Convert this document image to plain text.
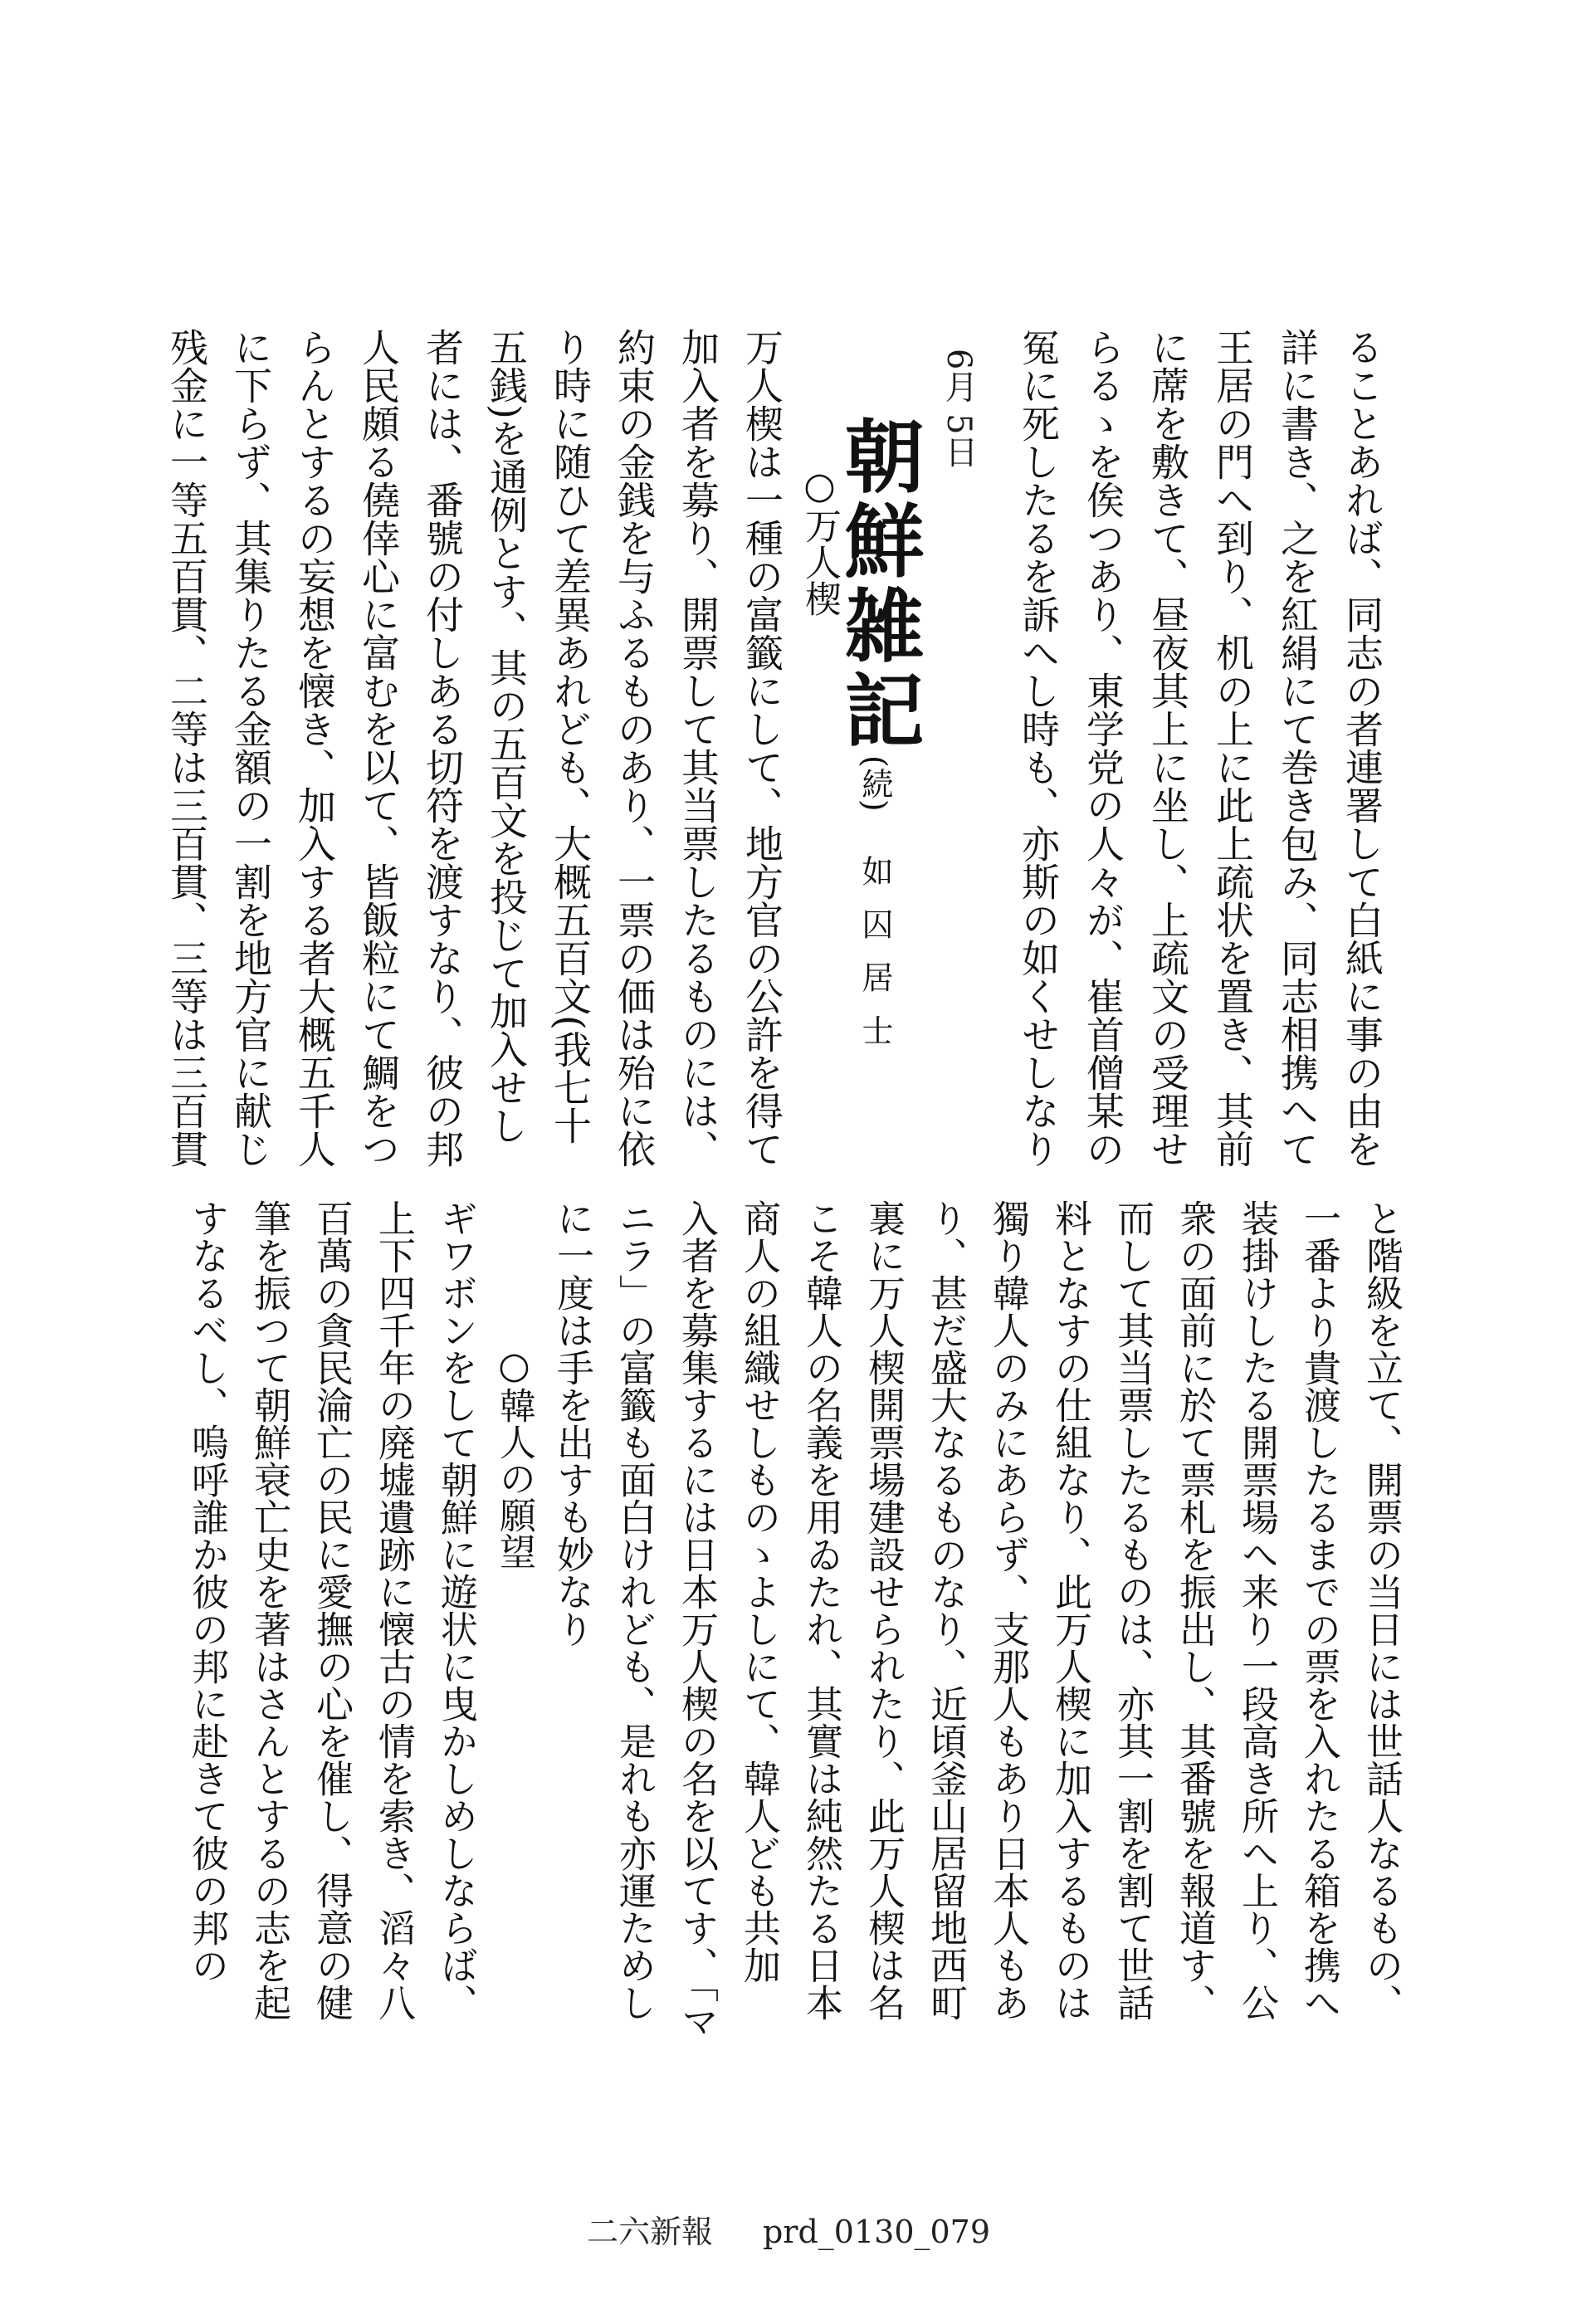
ることあれば、同志の者連署して白紙に事の由を
詳に書き、之を紅絹にて巻き包み、同志相携へて
王居の門へ到り、机の上に此上疏状を置き、其前
に蓆を敷きて、昼夜其上に坐し、上疏文の受理せ
らるゝを俟つあり、東学党の人々が、崔首僧某の
冤に死したるを訴へし時も、亦斯の如くせしなり
6月 5日
朝鮮雑記
(続)
如囚居士
○万人楔
万人楔は一種の富籤にして、地方官の公許を得て
加入者を募り、開票して其当票したるものには、
約束の金銭を与ふるものあり、一票の価は殆に依
り時に随ひて差異あれども、大概五百文(我七十
五銭)を通例とす、其の五百文を投じて加入せし
者には、番號の付しある切符を渡すなり、彼の邦
人民頗る僥倖心に富むを以て、皆飯粒にて鯛をつ
らんとするの妄想を懐き、加入する者大概五千人
に下らず、其集りたる金額の一割を地方官に献じ
残金に一等五百貫、二等は三百貫、三等は三百貫
と階級を立て、開票の当日には世話人なるもの、
一番より貴渡したるまでの票を入れたる箱を携へ
装掛けしたる開票場へ来り一段高き所へ上り、公
衆の面前に於て票札を振出し、其番號を報道す、
而して其当票したるものは、亦其一割を割て世話
料となすの仕組なり、此万人楔に加入するものは
獨り韓人のみにあらず、支那人もあり日本人もあ
り、甚だ盛大なるものなり、近頃釜山居留地西町
裏に万人楔開票場建設せられたり、此万人楔は名
こそ韓人の名義を用ゐたれ、其實は純然たる日本
商人の組織せしものゝよしにて、韓人ども共加
入者を募集するには日本万人楔の名を以てす、「マ
ニラ」の富籤も面白けれども、是れも亦運ためし
に一度は手を出すも妙なり
○韓人の願望
ギワボンをして朝鮮に遊状に曳かしめしならば、
上下四千年の廃墟遺跡に懐古の情を索き、滔々八
百萬の貪民淪亡の民に愛撫の心を催し、得意の健
筆を振つて朝鮮衰亡史を著はさんとするの志を起
すなるべし、嗚呼誰か彼の邦に赴きて彼の邦の
二六新報 prd_0130_079
